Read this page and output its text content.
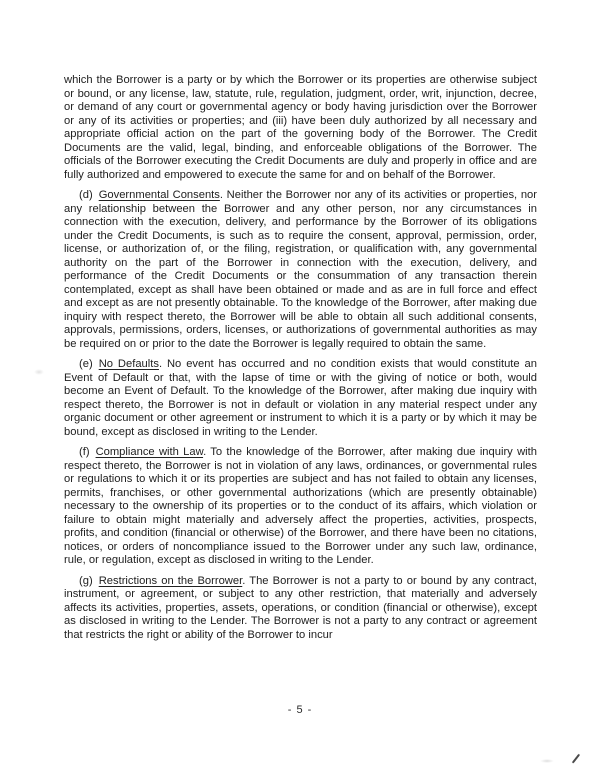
which the Borrower is a party or by which the Borrower or its properties are otherwise subject or bound, or any license, law, statute, rule, regulation, judgment, order, writ, injunction, decree, or demand of any court or governmental agency or body having jurisdiction over the Borrower or any of its activities or properties; and (iii) have been duly authorized by all necessary and appropriate official action on the part of the governing body of the Borrower. The Credit Documents are the valid, legal, binding, and enforceable obligations of the Borrower. The officials of the Borrower executing the Credit Documents are duly and properly in office and are fully authorized and empowered to execute the same for and on behalf of the Borrower.

(d) Governmental Consents. Neither the Borrower nor any of its activities or properties, nor any relationship between the Borrower and any other person, nor any circumstances in connection with the execution, delivery, and performance by the Borrower of its obligations under the Credit Documents, is such as to require the consent, approval, permission, order, license, or authorization of, or the filing, registration, or qualification with, any governmental authority on the part of the Borrower in connection with the execution, delivery, and performance of the Credit Documents or the consummation of any transaction therein contemplated, except as shall have been obtained or made and as are in full force and effect and except as are not presently obtainable. To the knowledge of the Borrower, after making due inquiry with respect thereto, the Borrower will be able to obtain all such additional consents, approvals, permissions, orders, licenses, or authorizations of governmental authorities as may be required on or prior to the date the Borrower is legally required to obtain the same.

(e) No Defaults. No event has occurred and no condition exists that would constitute an Event of Default or that, with the lapse of time or with the giving of notice or both, would become an Event of Default. To the knowledge of the Borrower, after making due inquiry with respect thereto, the Borrower is not in default or violation in any material respect under any organic document or other agreement or instrument to which it is a party or by which it may be bound, except as disclosed in writing to the Lender.

(f) Compliance with Law. To the knowledge of the Borrower, after making due inquiry with respect thereto, the Borrower is not in violation of any laws, ordinances, or governmental rules or regulations to which it or its properties are subject and has not failed to obtain any licenses, permits, franchises, or other governmental authorizations (which are presently obtainable) necessary to the ownership of its properties or to the conduct of its affairs, which violation or failure to obtain might materially and adversely affect the properties, activities, prospects, profits, and condition (financial or otherwise) of the Borrower, and there have been no citations, notices, or orders of noncompliance issued to the Borrower under any such law, ordinance, rule, or regulation, except as disclosed in writing to the Lender.

(g) Restrictions on the Borrower. The Borrower is not a party to or bound by any contract, instrument, or agreement, or subject to any other restriction, that materially and adversely affects its activities, properties, assets, operations, or condition (financial or otherwise), except as disclosed in writing to the Lender. The Borrower is not a party to any contract or agreement that restricts the right or ability of the Borrower to incur

- 5 -
